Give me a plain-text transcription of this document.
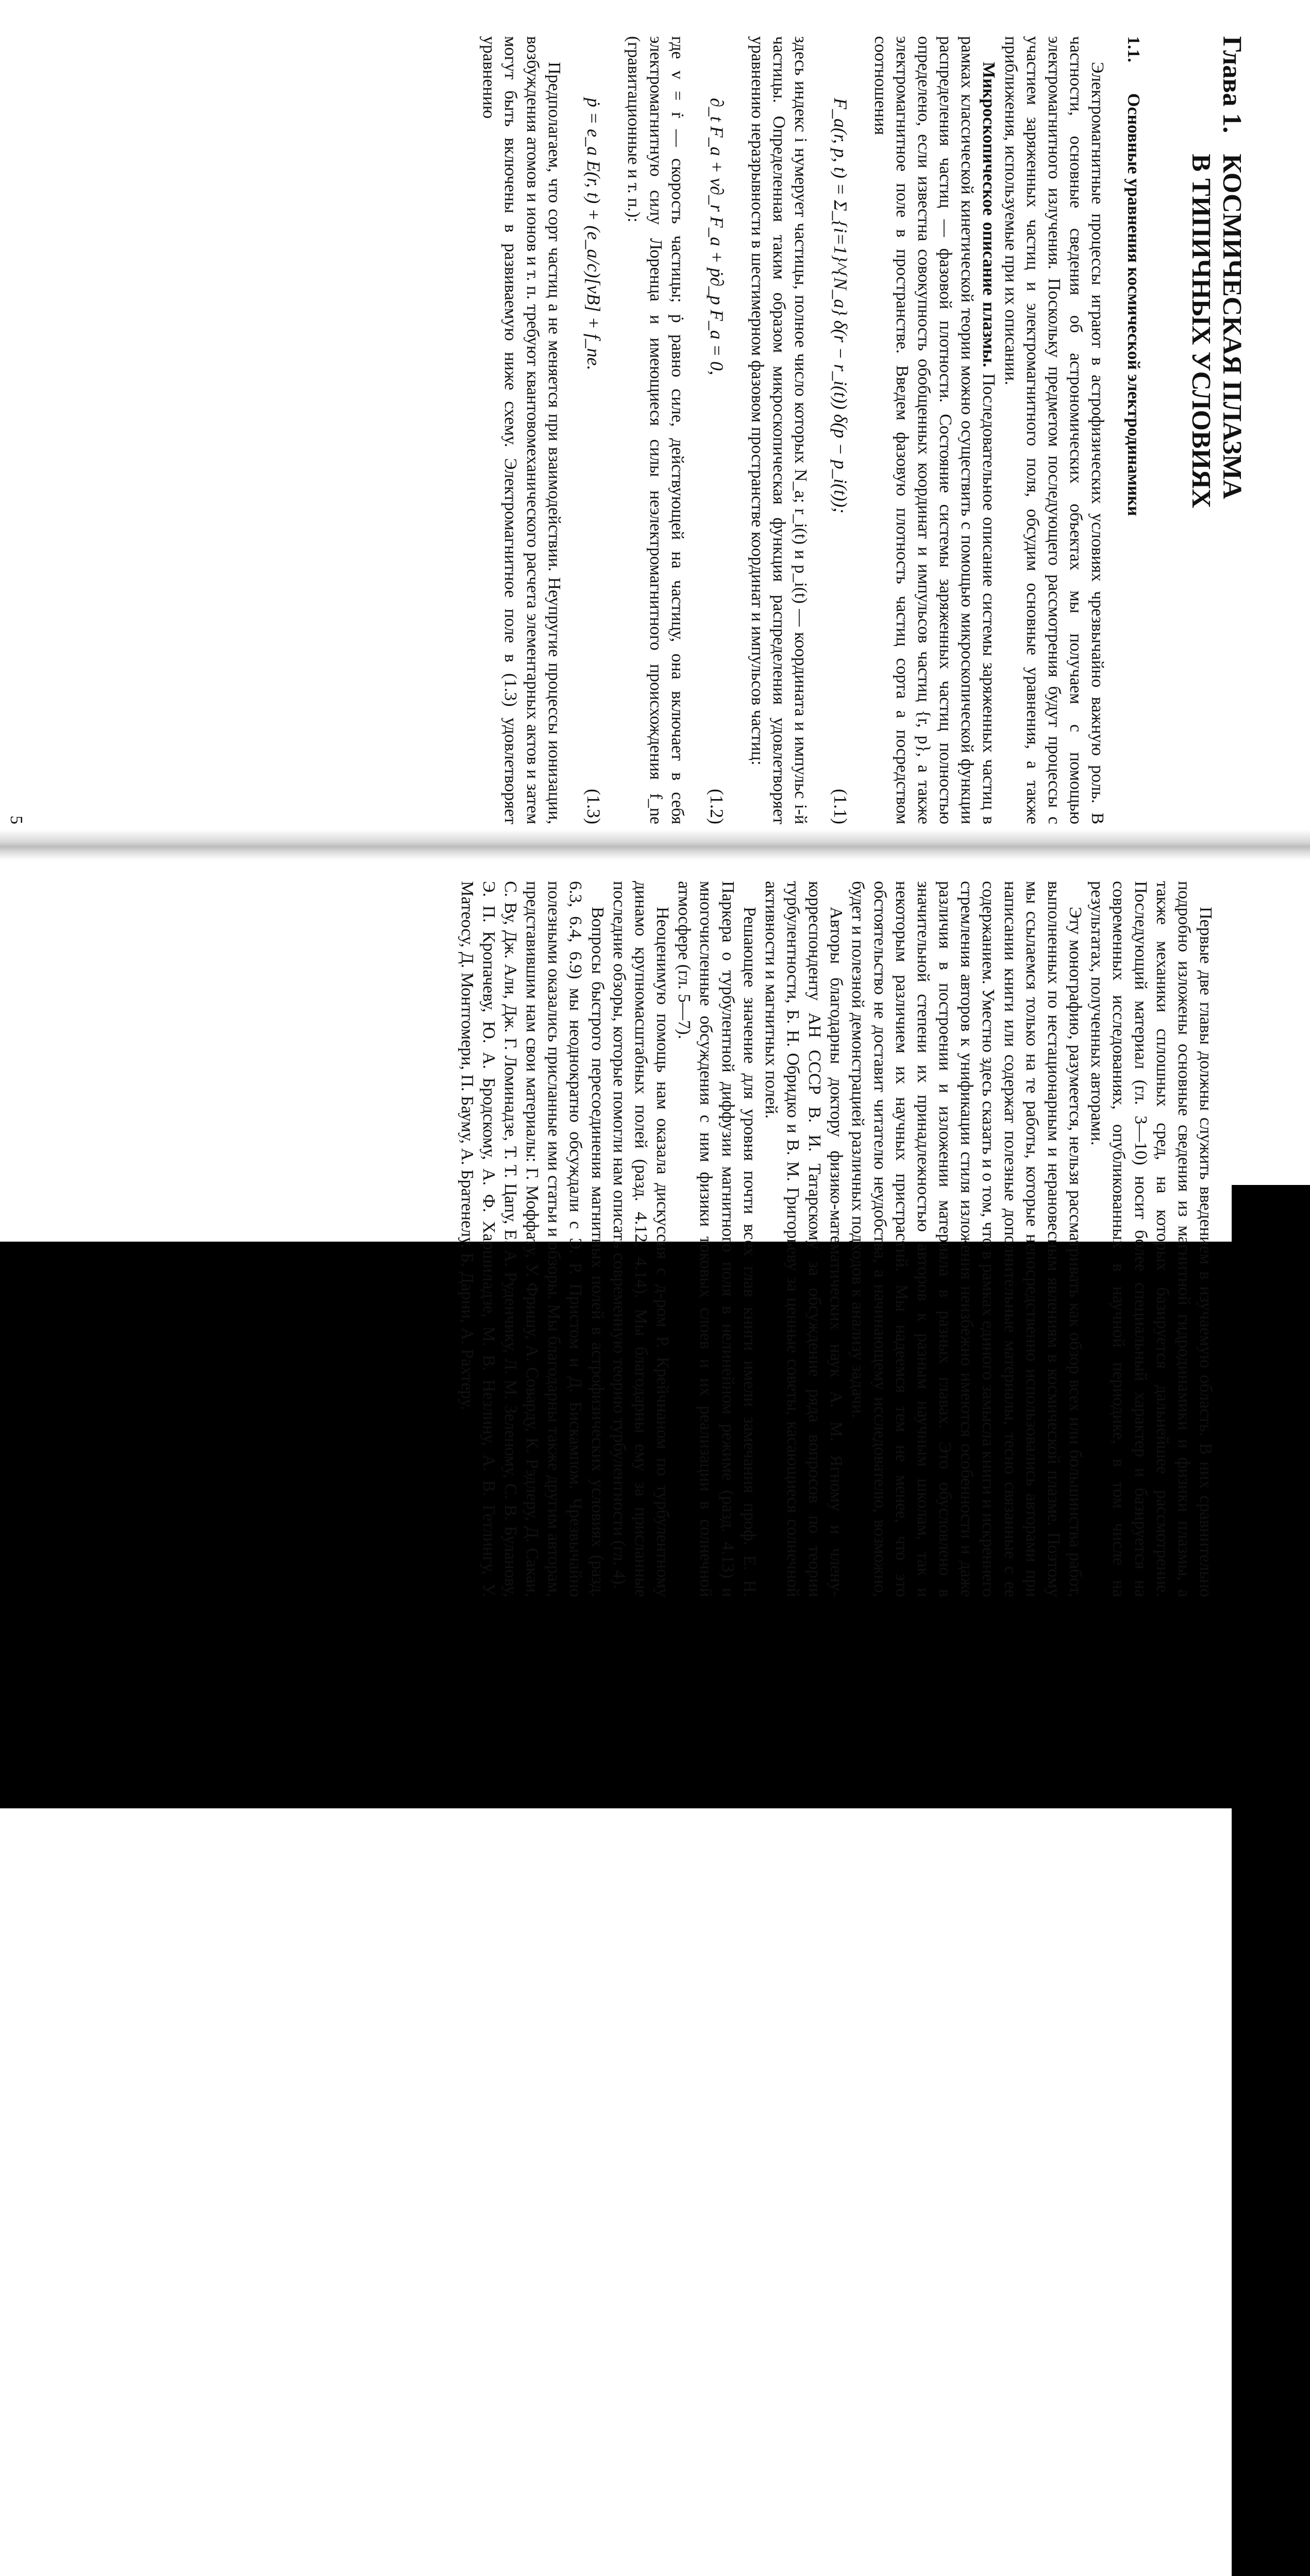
Глава 1.
КОСМИЧЕСКАЯ ПЛАЗМА
В ТИПИЧНЫХ УСЛОВИЯХ
1.1.
Основные уравнения космической электродинамики

Электромагнитные процессы играют в астрофизических условиях чрезвычайно важную роль. В частности, основные сведения об астрономических объектах мы получаем с помощью электромагнитного излучения. Поскольку предметом последующего рассмотрения будут процессы с участием заряженных частиц и электромагнитного поля, обсудим основные уравнения, а также приближения, используемые при их описании.

Микроскопическое описание плазмы. Последовательное описание системы заряженных частиц в рамках классической кинетической теории можно осуществить с помощью микроскопической функции распределения частиц — фазовой плотности. Состояние системы заряженных частиц полностью определено, если известна совокупность обобщенных координат и импульсов частиц {r, p}, а также электромагнитное поле в пространстве. Введем фазовую плотность частиц сорта a посредством соотношения

F_a(r, p, t) = Σ_{i=1}^{N_a} δ(r − r_i(t)) δ(p − p_i(t));
(1.1)

здесь индекс i нумерует частицы, полное число которых N_a; r_i(t) и p_i(t) — координата и импульс i-й частицы. Определенная таким образом микроскопическая функция распределения удовлетворяет уравнению неразрывности в шестимерном фазовом пространстве координат и импульсов частиц:

∂_t F_a + v∂_r F_a + ṗ∂_p F_a = 0,
(1.2)

где v = ṙ — скорость частицы; ṗ равно силе, действующей на частицу, она включает в себя электромагнитную силу Лоренца и имеющиеся силы неэлектромагнитного происхождения f_ne (гравитационные и т. п.):

ṗ = e_a E(r, t) + (e_a/c)[vB] + f_ne.
(1.3)

Предполагаем, что сорт частиц a не меняется при взаимодействии. Неупругие процессы ионизации, возбуждения атомов и ионов и т. п. требуют квантовомеханического расчета элементарных актов и затем могут быть включены в развиваемую ниже схему. Электромагнитное поле в (1.3) удовлетворяет уравнению

5

Первые две главы должны служить введением в изучаемую область. В них сравнительно подробно изложены основные сведения из магнитной гидродинамики и физики плазмы, а также механики сплошных сред, на которых базируется дальнейшее рассмотрение. Последующий материал (гл. 3—10) носит более специальный характер и базируется на современных исследованиях, опубликованных в научной периодике, в том числе на результатах, полученных авторами.

Эту монографию, разумеется, нельзя рассматривать как обзор всех или большинства работ, выполненных по нестационарным и нерановесным явлениям в космической плазме. Поэтому мы ссылаемся только на те работы, которые непосредственно использовались авторами при написании книги или содержат полезные дополнительные материалы, тесно связанные с ее содержанием. Уместно здесь сказать и о том, что в рамках единого замысла книги и искреннего стремления авторов к унификации стиля изложения неизбежно имеются особенности и даже различия в построении и изложении материала в разных главах. Это обусловлено в значительной степени их принадлежностью авторов к разным научным школам, так и некоторым различием их научных пристрастий. Мы надеемся тем не менее, что это обстоятельство не доставит читателю неудобства, а начинающему исследователю, возможно, будет и полезной демонстрацией различных подходов к анализу задачи.

Авторы благодарны доктору физико-математических наук А. М. Ягному и члену-корреспонденту АН СССР В. И. Татарскому за обсуждение ряда вопросов по теории турбулентности, Б. Н. Обридко и В. М. Григорьеву за ценные советы, касающиеся солнечной активности и магнитных полей.

Решающее значение для уровня почти всех глав книги имели замечания проф. Е. Н. Паркера о турбулентной диффузии магнитного поля в нелинейном режиме (разд. 4.13) и многочисленные обсуждения с ним физики токовых слоев и их реализации в солнечной атмосфере (гл. 5—7).

Неоценимую помощь нам оказала дискуссия с д-ром Р. Крейчнаном по турбулентному динамо крупномасштабных полей (разд. 4.12, 4.14). Мы благодарны ему за присланные последние обзоры, которые помогли нам описать современную теорию турбулентности (гл. 4).

Вопросы быстрого пересоединения магнитных полей в астрофизических условиях (разд. 6.3, 6.4, 6.9) мы неоднократно обсуждали с Э. Р. Пристом и Д. Бискампом. Чрезвычайно полезными оказались присланные ими статьи и обзоры. Мы благодарны также другим авторам, представившим нам свои материалы: Г. Моффату, У. Фришу, А. Соварду, К. Рэдлеру, Д. Сакаи, С. Ву, Дж. Али, Дж. Г. Ломинадзе, Т. Т. Цапу, Е. А. Руденчику, Л. М. Зеленому, С. В. Буланову, Э. П. Кропачеву, Ю. А. Бродскому, А. Ф. Харшиладзе, М. В. Незлину, А. В. Гетлингу, У. Матеосу, Д. Монтгомери, П. Бауму, А. Братенелу, Б. Дарни, А. Рахтеру.
